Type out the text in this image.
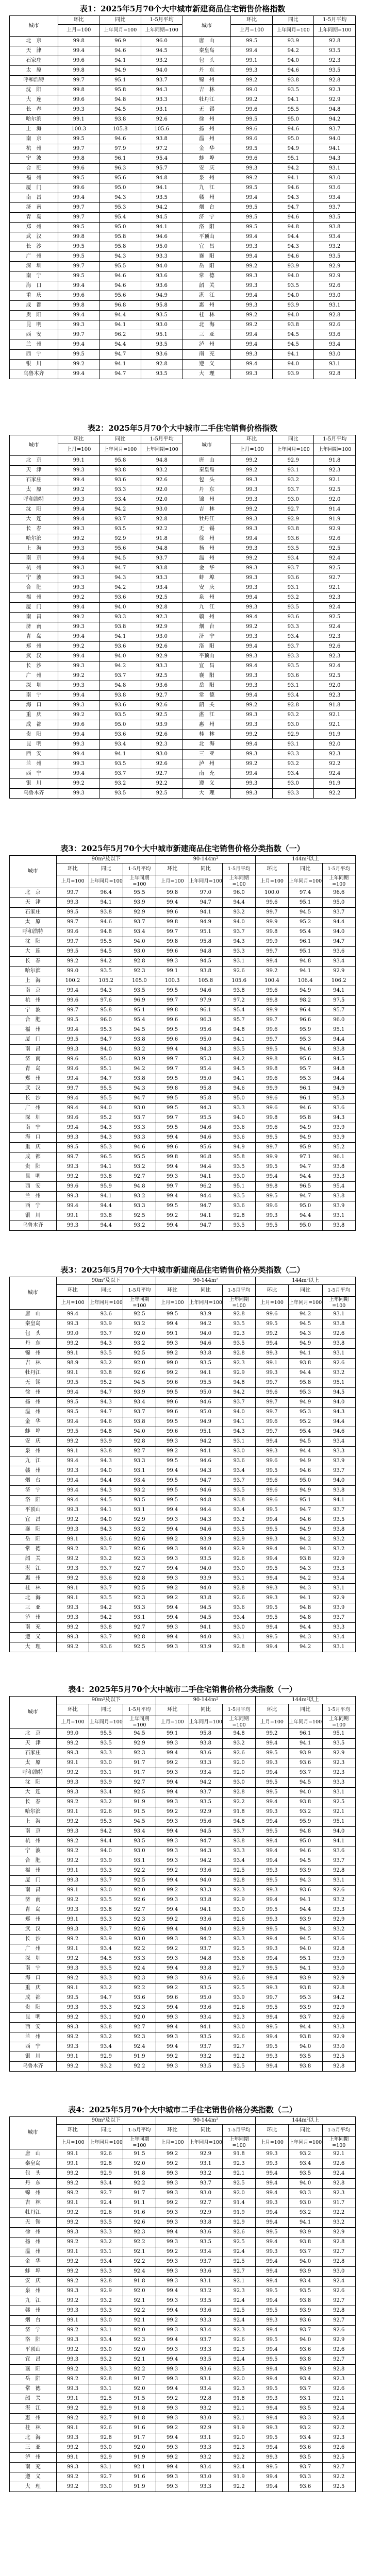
表1：2025年5月70个大中城市新建商品住宅销售价格指数
城市	环比	同比	1-5月平均	城市	环比	同比	1-5月平均
	上月=100	上年同月=100	上年同期=100		上月=100	上年同月=100	上年同期=100
北　京	99.8	96.9	96.0	唐　山	99.5	93.9	92.8
天　津	99.4	94.6	94.5	秦皇岛	99.4	94.2	93.5
石家庄	99.6	94.1	93.2	包　头	99.1	94.0	92.3
太　原	99.8	94.9	94.0	丹　东	99.3	94.6	93.5
呼和浩特	99.7	95.1	93.7	锦　州	99.2	93.8	92.8
沈　阳	99.8	95.8	94.3	吉　林	99.0	93.5	92.3
大　连	99.6	94.8	93.3	牡丹江	99.2	94.1	92.9
长　春	99.3	94.5	93.1	无　锡	99.6	95.5	94.8
哈尔滨	99.1	93.8	92.6	徐　州	99.5	95.0	94.2
上　海	100.3	105.8	105.6	扬　州	99.6	94.6	93.7
南　京	99.5	94.6	93.8	温　州	99.6	95.0	94.0
杭　州	99.7	97.9	97.2	金　华	99.5	94.9	94.1
宁　波	99.8	96.1	95.4	蚌　埠	99.6	95.1	94.3
合　肥	99.6	96.3	95.7	安　庆	99.3	94.2	93.1
福　州	99.5	95.6	94.8	泉　州	99.2	94.1	93.0
厦　门	99.6	95.0	94.1	九　江	99.5	94.6	93.6
南　昌	99.4	94.3	93.5	赣　州	99.4	94.3	93.4
济　南	99.7	95.3	94.2	烟　台	99.5	94.7	93.7
青　岛	99.7	95.4	94.5	济　宁	99.5	94.6	93.5
郑　州	99.5	95.0	94.1	洛　阳	99.5	94.8	93.8
武　汉	99.8	95.8	94.6	平顶山	99.4	94.4	93.4
长　沙	99.5	95.8	95.0	宜　昌	99.3	94.3	93.2
广　州	99.5	94.3	93.3	襄　阳	99.4	94.6	93.5
深　圳	99.7	95.5	94.0	岳　阳	99.2	93.9	92.9
南　宁	99.5	94.6	93.6	常　德	99.3	94.0	92.9
海　口	99.4	94.6	93.6	韶　关	99.3	93.5	92.6
重　庆	99.6	95.6	94.9	湛　江	99.4	94.0	93.0
成　都	99.8	96.8	95.8	惠　州	99.3	93.9	93.1
贵　阳	99.4	94.4	93.5	桂　林	99.2	94.0	92.8
昆　明	99.3	94.1	93.0	北　海	99.2	93.8	92.6
西　安	99.7	96.2	95.1	三　亚	99.4	94.5	93.6
兰　州	99.4	94.4	93.5	泸　州	99.4	94.5	93.4
西　宁	99.5	94.7	93.6	南　充	99.3	94.1	93.0
银　川	99.2	94.1	92.8	遵　义	99.4	94.0	93.1
乌鲁木齐	99.4	94.7	93.5	大　理	99.3	93.9	92.8
表2：2025年5月70个大中城市二手住宅销售价格指数
城市	环比	同比	1-5月平均	城市	环比	同比	1-5月平均
	上月=100	上年同月=100	上年同期=100		上月=100	上年同月=100	上年同期=100
北　京	99.1	95.8	94.8	唐　山	99.2	92.9	91.8
天　津	99.3	93.8	93.2	秦皇岛	99.2	93.1	92.3
石家庄	99.4	93.6	92.6	包　头	99.3	93.2	92.1
太　原	99.2	93.3	92.0	丹　东	99.3	93.7	92.5
呼和浩特	99.3	93.4	92.0	锦　州	99.3	93.0	92.0
沈　阳	99.4	94.2	93.0	吉　林	99.2	92.7	91.4
大　连	99.4	93.7	92.8	牡丹江	99.3	92.9	91.9
长　春	99.3	93.5	92.2	无　锡	99.3	93.8	92.9
哈尔滨	99.2	92.9	91.8	徐　州	99.4	93.6	92.6
上　海	99.3	95.6	94.8	扬　州	99.3	93.5	92.5
南　京	99.4	94.5	93.7	温　州	99.2	93.4	92.4
杭　州	99.3	94.7	93.8	金　华	99.3	93.7	92.5
宁　波	99.3	94.3	93.3	蚌　埠	99.3	93.6	92.7
合　肥	99.3	94.2	93.4	安　庆	99.3	93.1	92.1
福　州	99.2	93.6	92.5	泉　州	99.4	93.2	92.3
厦　门	99.4	94.0	92.8	九　江	99.3	93.5	92.4
南　昌	99.2	93.3	92.3	赣　州	99.4	93.6	92.5
济　南	99.3	93.8	92.9	烟　台	99.2	93.3	92.4
青　岛	99.4	94.1	93.0	济　宁	99.3	93.4	92.3
郑　州	99.2	93.6	92.6	洛　阳	99.4	93.7	92.6
武　汉	99.4	94.0	92.9	平顶山	99.3	93.3	92.3
长　沙	99.3	94.2	93.3	宜　昌	99.4	93.5	92.4
广　州	99.2	93.7	92.5	襄　阳	99.3	93.6	92.5
深　圳	99.3	94.8	93.6	岳　阳	99.3	93.1	92.0
南　宁	99.4	93.8	92.7	常　德	99.4	93.4	92.3
海　口	99.3	93.6	92.6	韶　关	99.2	92.8	91.8
重　庆	99.2	93.5	92.5	湛　江	99.3	93.2	92.1
成　都	99.6	95.0	93.9	惠　州	99.3	93.0	92.1
贵　阳	99.4	93.6	92.6	桂　林	99.2	92.9	91.9
昆　明	99.3	93.4	92.3	北　海	99.4	93.1	92.0
西　安	99.4	94.1	93.0	三　亚	99.3	93.3	92.3
兰　州	99.3	93.5	92.6	泸　州	99.2	93.2	92.2
西　宁	99.4	93.7	92.7	南　充	99.4	93.4	92.4
银　川	99.2	93.2	92.2	遵　义	99.3	93.0	91.9
乌鲁木齐	99.3	93.5	92.5	大　理	99.3	93.3	92.2
表3：2025年5月70个大中城市新建商品住宅销售价格分类指数（一）
城市	90m²及以下			90-144m²			144m²以上		
	环比	同比	1-5月平均	环比	同比	1-5月平均	环比	同比	1-5月平均
	上月=100	上年同月=100	上年同期=100	上月=100	上年同月=100	上年同期=100	上月=100	上年同月=100	上年同期=100
北　京	99.7	96.4	95.5	99.8	97.0	96.0	100.0	97.4	96.6
天　津	99.3	94.1	93.9	99.4	94.7	94.4	99.6	95.1	95.0
石家庄	99.5	93.8	92.9	99.6	94.1	93.2	99.7	94.5	93.7
太　原	99.7	94.6	93.7	99.8	94.9	94.0	99.9	95.2	94.4
呼和浩特	99.6	94.8	93.4	99.7	95.1	93.7	99.8	95.4	94.0
沈　阳	99.7	95.5	94.0	99.8	95.8	94.3	99.9	96.1	94.7
大　连	99.5	94.5	93.0	99.6	94.8	93.3	99.7	95.1	93.6
长　春	99.2	94.2	92.8	99.3	94.5	93.1	99.4	94.8	93.4
哈尔滨	99.0	93.5	92.3	99.1	93.8	92.6	99.2	94.1	92.9
上　海	100.2	105.2	105.0	100.3	105.8	105.6	100.4	106.4	106.2
南　京	99.4	94.3	93.5	99.5	94.6	93.8	99.6	94.9	94.1
杭　州	99.6	97.6	96.9	99.7	97.9	97.2	99.8	98.2	97.5
宁　波	99.7	95.8	95.1	99.8	96.1	95.4	99.9	96.4	95.7
合　肥	99.5	96.0	95.4	99.6	96.3	95.7	99.7	96.6	96.0
福　州	99.4	95.3	94.5	99.5	95.6	94.8	99.6	95.9	95.1
厦　门	99.5	94.7	93.8	99.6	95.0	94.1	99.7	95.3	94.4
南　昌	99.3	94.0	93.2	99.4	94.3	93.5	99.5	94.6	93.8
济　南	99.6	95.0	93.9	99.7	95.3	94.2	99.8	95.6	94.5
青　岛	99.6	95.1	94.2	99.7	95.4	94.5	99.8	95.7	94.8
郑　州	99.4	94.7	93.8	99.5	95.0	94.1	99.6	95.3	94.4
武　汉	99.7	95.5	94.3	99.8	95.8	94.6	99.9	96.1	94.9
长　沙	99.4	95.5	94.7	99.5	95.8	95.0	99.6	96.1	95.3
广　州	99.4	94.0	93.0	99.5	94.3	93.3	99.6	94.6	93.6
深　圳	99.6	95.2	93.7	99.7	95.5	94.0	99.8	95.8	94.3
南　宁	99.4	94.3	93.3	99.5	94.6	93.6	99.6	94.9	93.9
海　口	99.3	94.3	93.3	99.4	94.6	93.6	99.5	94.9	93.9
重　庆	99.5	95.3	94.6	99.6	95.6	94.9	99.7	95.9	95.2
成　都	99.7	96.5	95.5	99.8	96.8	95.8	99.9	97.1	96.1
贵　阳	99.3	94.1	93.2	99.4	94.4	93.5	99.5	94.7	93.8
昆　明	99.2	93.8	92.7	99.3	94.1	93.0	99.4	94.4	93.3
西　安	99.6	95.9	94.8	99.7	96.2	95.1	99.8	96.5	95.4
兰　州	99.3	94.1	93.2	99.4	94.4	93.5	99.5	94.7	93.8
西　宁	99.4	94.4	93.3	99.5	94.7	93.6	99.6	95.0	93.9
银　川	99.1	93.8	92.5	99.2	94.1	92.8	99.3	94.4	93.1
乌鲁木齐	99.3	94.4	93.2	99.4	94.7	93.5	99.5	95.0	93.8
表3：2025年5月70个大中城市新建商品住宅销售价格分类指数（二）
城市	90m²及以下			90-144m²			144m²以上		
	环比	同比	1-5月平均	环比	同比	1-5月平均	环比	同比	1-5月平均
	上月=100	上年同月=100	上年同期=100	上月=100	上年同月=100	上年同期=100	上月=100	上年同月=100	上年同期=100
唐　山	99.4	93.6	92.5	99.5	93.9	92.8	99.6	94.2	93.1
秦皇岛	99.3	93.9	93.2	99.4	94.2	93.5	99.5	94.5	93.8
包　头	99.0	93.7	92.0	99.1	94.0	92.3	99.2	94.3	92.6
丹　东	99.2	94.3	93.2	99.3	94.6	93.5	99.4	94.9	93.8
锦　州	99.1	93.5	92.5	99.2	93.8	92.8	99.3	94.1	93.1
吉　林	98.9	93.2	92.0	99.0	93.5	92.3	99.1	93.8	92.6
牡丹江	99.1	93.8	92.6	99.2	94.1	92.9	99.3	94.4	93.2
无　锡	99.5	95.2	94.5	99.6	95.5	94.8	99.7	95.8	95.1
徐　州	99.4	94.7	93.9	99.5	95.0	94.2	99.6	95.3	94.5
扬　州	99.5	94.3	93.4	99.6	94.6	93.7	99.7	94.9	94.0
温　州	99.5	94.7	93.7	99.6	95.0	94.0	99.7	95.3	94.3
金　华	99.4	94.6	93.8	99.5	94.9	94.1	99.6	95.2	94.4
蚌　埠	99.5	94.8	94.0	99.6	95.1	94.3	99.7	95.4	94.6
安　庆	99.2	93.9	92.8	99.3	94.2	93.1	99.4	94.5	93.4
泉　州	99.1	93.8	92.7	99.2	94.1	93.0	99.3	94.4	93.3
九　江	99.4	94.3	93.3	99.5	94.6	93.6	99.6	94.9	93.9
赣　州	99.3	94.0	93.1	99.4	94.3	93.4	99.5	94.6	93.7
烟　台	99.4	94.4	93.4	99.5	94.7	93.7	99.6	95.0	94.0
济　宁	99.4	94.3	93.2	99.5	94.6	93.5	99.6	94.9	93.8
洛　阳	99.4	94.5	93.5	99.5	94.8	93.8	99.6	95.1	94.1
平顶山	99.3	94.1	93.1	99.4	94.4	93.4	99.5	94.7	93.7
宜　昌	99.2	94.0	92.9	99.3	94.3	93.2	99.4	94.6	93.5
襄　阳	99.3	94.3	93.2	99.4	94.6	93.5	99.5	94.9	93.8
岳　阳	99.1	93.6	92.6	99.2	93.9	92.9	99.3	94.2	93.2
常　德	99.2	93.7	92.6	99.3	94.0	92.9	99.4	94.3	93.2
韶　关	99.2	93.2	92.3	99.3	93.5	92.6	99.4	93.8	92.9
湛　江	99.3	93.7	92.7	99.4	94.0	93.0	99.5	94.3	93.3
惠　州	99.2	93.6	92.8	99.3	93.9	93.1	99.4	94.2	93.4
桂　林	99.1	93.7	92.5	99.2	94.0	92.8	99.3	94.3	93.1
北　海	99.1	93.5	92.3	99.2	93.8	92.6	99.3	94.1	92.9
三　亚	99.3	94.2	93.3	99.4	94.5	93.6	99.5	94.8	93.9
泸　州	99.3	94.2	93.1	99.4	94.5	93.4	99.5	94.8	93.7
南　充	99.2	93.8	92.7	99.3	94.1	93.0	99.4	94.4	93.3
遵　义	99.3	93.7	92.8	99.4	94.0	93.1	99.5	94.3	93.4
大　理	99.2	93.6	92.5	99.3	93.9	92.8	99.4	94.2	93.1
表4：2025年5月70个大中城市二手住宅销售价格分类指数（一）
城市	90m²及以下			90-144m²			144m²以上		
	环比	同比	1-5月平均	环比	同比	1-5月平均	环比	同比	1-5月平均
	上月=100	上年同月=100	上年同期=100	上月=100	上年同月=100	上年同期=100	上月=100	上年同月=100	上年同期=100
北　京	99.0	95.5	94.5	99.1	95.8	94.8	99.2	96.1	95.1
天　津	99.2	93.5	92.9	99.3	93.8	93.2	99.4	94.1	93.5
石家庄	99.3	93.3	92.3	99.4	93.6	92.6	99.5	93.9	92.9
太　原	99.1	93.0	91.7	99.2	93.3	92.0	99.3	93.6	92.3
呼和浩特	99.2	93.1	91.7	99.3	93.4	92.0	99.4	93.7	92.3
沈　阳	99.3	93.9	92.7	99.4	94.2	93.0	99.5	94.5	93.3
大　连	99.3	93.4	92.5	99.4	93.7	92.8	99.5	94.0	93.1
长　春	99.2	93.2	91.9	99.3	93.5	92.2	99.4	93.8	92.5
哈尔滨	99.1	92.6	91.5	99.2	92.9	91.8	99.3	93.2	92.1
上　海	99.2	95.3	94.5	99.3	95.6	94.8	99.4	95.9	95.1
南　京	99.3	94.2	93.4	99.4	94.5	93.7	99.5	94.8	94.0
杭　州	99.2	94.4	93.5	99.3	94.7	93.8	99.4	95.0	94.1
宁　波	99.2	94.0	93.0	99.3	94.3	93.3	99.4	94.6	93.6
合　肥	99.2	93.9	93.1	99.3	94.2	93.4	99.4	94.5	93.7
福　州	99.1	93.3	92.2	99.2	93.6	92.5	99.3	93.9	92.8
厦　门	99.3	93.7	92.5	99.4	94.0	92.8	99.5	94.3	93.1
南　昌	99.1	93.0	92.0	99.2	93.3	92.3	99.3	93.6	92.6
济　南	99.2	93.5	92.6	99.3	93.8	92.9	99.4	94.1	93.2
青　岛	99.3	93.8	92.7	99.4	94.1	93.0	99.5	94.4	93.3
郑　州	99.1	93.3	92.3	99.2	93.6	92.6	99.3	93.9	92.9
武　汉	99.3	93.7	92.6	99.4	94.0	92.9	99.5	94.3	93.2
长　沙	99.2	93.9	93.0	99.3	94.2	93.3	99.4	94.5	93.6
广　州	99.1	93.4	92.2	99.2	93.7	92.5	99.3	94.0	92.8
深　圳	99.2	94.5	93.3	99.3	94.8	93.6	99.4	95.1	93.9
南　宁	99.3	93.5	92.4	99.4	93.8	92.7	99.5	94.1	93.0
海　口	99.2	93.3	92.3	99.3	93.6	92.6	99.4	93.9	92.9
重　庆	99.1	93.2	92.2	99.2	93.5	92.5	99.3	93.8	92.8
成　都	99.5	94.7	93.6	99.6	95.0	93.9	99.7	95.3	94.2
贵　阳	99.3	93.3	92.3	99.4	93.6	92.6	99.5	93.9	92.9
昆　明	99.2	93.1	92.0	99.3	93.4	92.3	99.4	93.7	92.6
西　安	99.3	93.8	92.7	99.4	94.1	93.0	99.5	94.4	93.3
兰　州	99.2	93.2	92.3	99.3	93.5	92.6	99.4	93.8	92.9
西　宁	99.3	93.4	92.4	99.4	93.7	92.7	99.5	94.0	93.0
银　川	99.1	92.9	91.9	99.2	93.2	92.2	99.3	93.5	92.5
乌鲁木齐	99.2	93.2	92.2	99.3	93.5	92.5	99.4	93.8	92.8
表4：2025年5月70个大中城市二手住宅销售价格分类指数（二）
城市	90m²及以下			90-144m²			144m²以上		
	环比	同比	1-5月平均	环比	同比	1-5月平均	环比	同比	1-5月平均
	上月=100	上年同月=100	上年同期=100	上月=100	上年同月=100	上年同期=100	上月=100	上年同月=100	上年同期=100
唐　山	99.1	92.6	91.5	99.2	92.9	91.8	99.3	93.2	92.1
秦皇岛	99.1	92.8	92.0	99.2	93.1	92.3	99.3	93.4	92.6
包　头	99.2	92.9	91.8	99.3	93.2	92.1	99.4	93.5	92.4
丹　东	99.2	93.4	92.2	99.3	93.7	92.5	99.4	94.0	92.8
锦　州	99.2	92.7	91.7	99.3	93.0	92.0	99.4	93.3	92.3
吉　林	99.1	92.4	91.1	99.2	92.7	91.4	99.3	93.0	91.7
牡丹江	99.2	92.6	91.6	99.3	92.9	91.9	99.4	93.2	92.2
无　锡	99.2	93.5	92.6	99.3	93.8	92.9	99.4	94.1	93.2
徐　州	99.3	93.3	92.3	99.4	93.6	92.6	99.5	93.9	92.9
扬　州	99.2	93.2	92.2	99.3	93.5	92.5	99.4	93.8	92.8
温　州	99.1	93.1	92.1	99.2	93.4	92.4	99.3	93.7	92.7
金　华	99.2	93.4	92.2	99.3	93.7	92.5	99.4	94.0	92.8
蚌　埠	99.2	93.3	92.4	99.3	93.6	92.7	99.4	93.9	93.0
安　庆	99.2	92.8	91.8	99.3	93.1	92.1	99.4	93.4	92.4
泉　州	99.3	92.9	92.0	99.4	93.2	92.3	99.5	93.5	92.6
九　江	99.2	93.2	92.1	99.3	93.5	92.4	99.4	93.8	92.7
赣　州	99.3	93.3	92.2	99.4	93.6	92.5	99.5	93.9	92.8
烟　台	99.1	93.0	92.1	99.2	93.3	92.4	99.3	93.6	92.7
济　宁	99.2	93.1	92.0	99.3	93.4	92.3	99.4	93.7	92.6
洛　阳	99.3	93.4	92.3	99.4	93.7	92.6	99.5	94.0	92.9
平顶山	99.2	93.0	92.0	99.3	93.3	92.3	99.4	93.6	92.6
宜　昌	99.3	93.2	92.1	99.4	93.5	92.4	99.5	93.8	92.7
襄　阳	99.2	93.3	92.2	99.3	93.6	92.5	99.4	93.9	92.8
岳　阳	99.2	92.8	91.7	99.3	93.1	92.0	99.4	93.4	92.3
常　德	99.3	93.1	92.0	99.4	93.4	92.3	99.5	93.7	92.6
韶　关	99.1	92.5	91.5	99.2	92.8	91.8	99.3	93.1	92.1
湛　江	99.2	92.9	91.8	99.3	93.2	92.1	99.4	93.5	92.4
惠　州	99.2	92.7	91.8	99.3	93.0	92.1	99.4	93.3	92.4
桂　林	99.1	92.6	91.6	99.2	92.9	91.9	99.3	93.2	92.2
北　海	99.3	92.8	91.7	99.4	93.1	92.0	99.5	93.4	92.3
三　亚	99.2	93.0	92.0	99.3	93.3	92.3	99.4	93.6	92.6
泸　州	99.1	92.9	91.9	99.2	93.2	92.2	99.3	93.5	92.5
南　充	99.3	93.1	92.1	99.4	93.4	92.4	99.5	93.7	92.7
遵　义	99.2	92.7	91.6	99.3	93.0	91.9	99.4	93.3	92.2
大　理	99.2	93.0	91.9	99.3	93.3	92.2	99.4	93.6	92.5
